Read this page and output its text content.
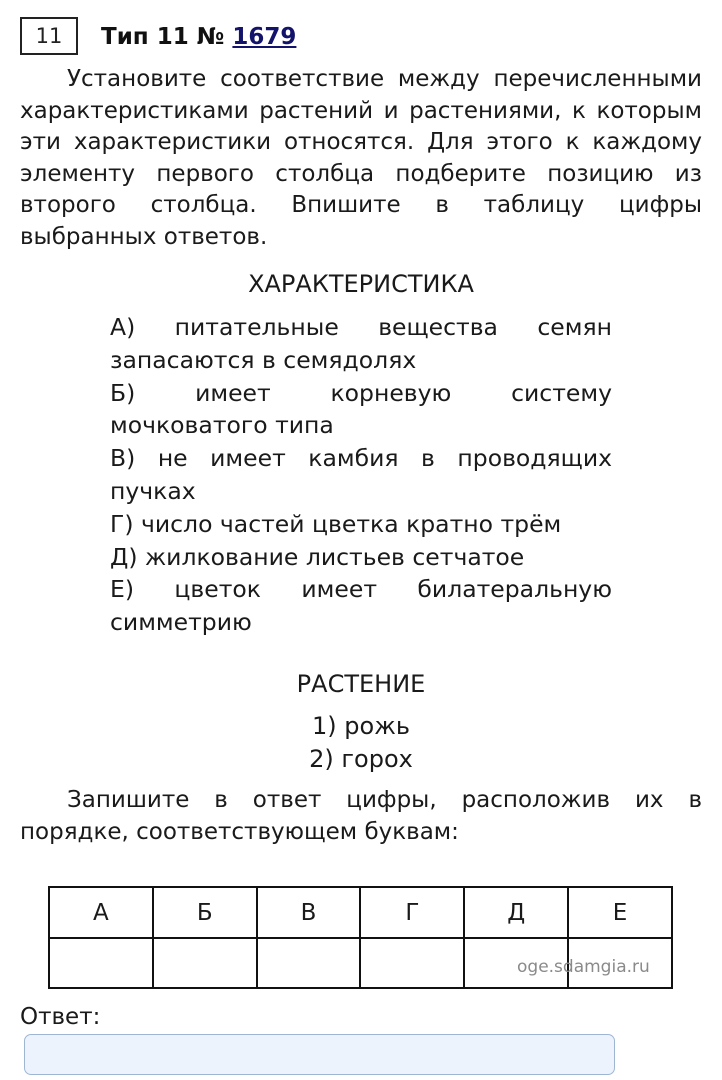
11	Тип 11 № 1679

Установите соответствие между перечисленными характеристиками растений и растениями, к которым эти характеристики относятся. Для этого к каждому элементу первого столбца подберите позицию из второго столбца. Впишите в таблицу цифры выбранных ответов.

ХАРАКТЕРИСТИКА
А) питательные вещества семян запасаются в семядолях
Б) имеет корневую систему мочковатого типа
В) не имеет камбия в проводящих пучках
Г) число частей цветка кратно трём
Д) жилкование листьев сетчатое
Е) цветок имеет билатеральную симметрию
РАСТЕНИЕ
1) рожь
2) горох

Запишите в ответ цифры, расположив их в порядке, соответствующем буквам:

А	Б	В	Г	Д	Е

oge.sdamgia.ru
Ответ:
